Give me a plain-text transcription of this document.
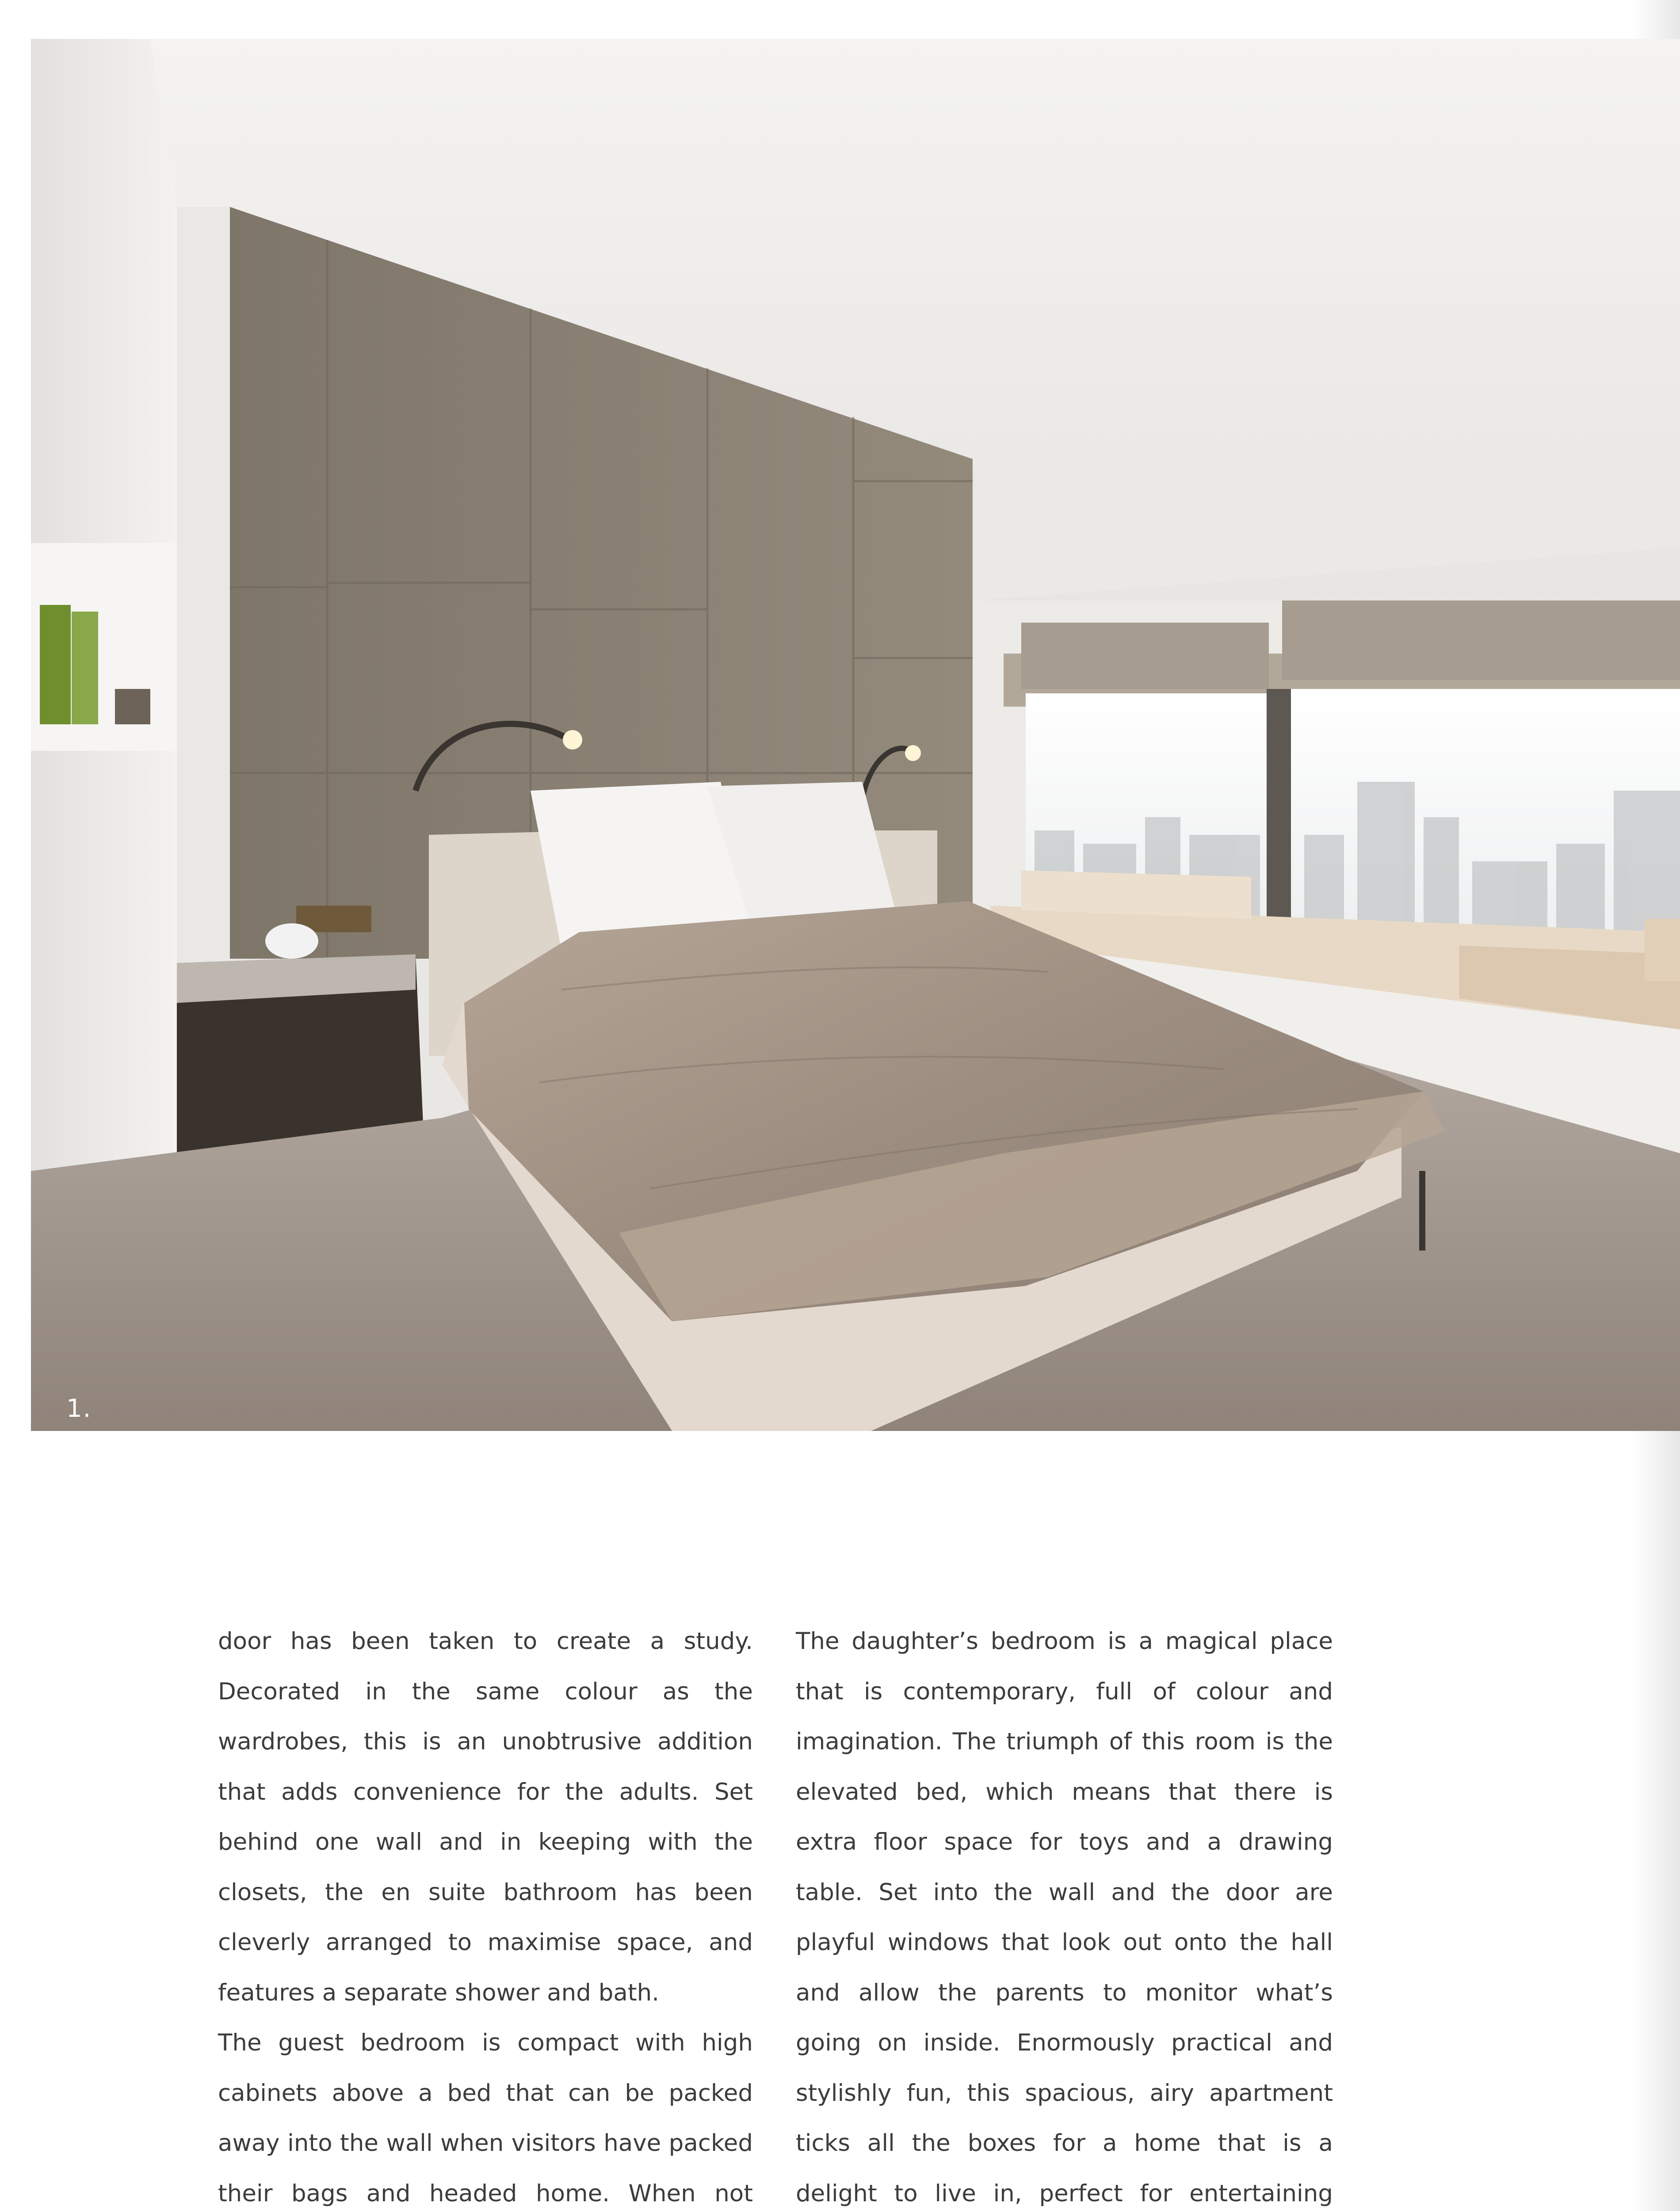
1.

door has been taken to create a study. Decorated in the same colour as the wardrobes, this is an unobtrusive addition that adds convenience for the adults. Set behind one wall and in keeping with the closets, the en suite bathroom has been cleverly arranged to maximise space, and features a separate shower and bath.

The guest bedroom is compact with high cabinets above a bed that can be packed away into the wall when visitors have packed their bags and headed home. When not

The daughter’s bedroom is a magical place that is contemporary, full of colour and imagination. The triumph of this room is the elevated bed, which means that there is extra floor space for toys and a drawing table. Set into the wall and the door are playful windows that look out onto the hall and allow the parents to monitor what’s going on inside. Enormously practical and stylishly fun, this spacious, airy apartment ticks all the boxes for a home that is a delight to live in, perfect for entertaining
